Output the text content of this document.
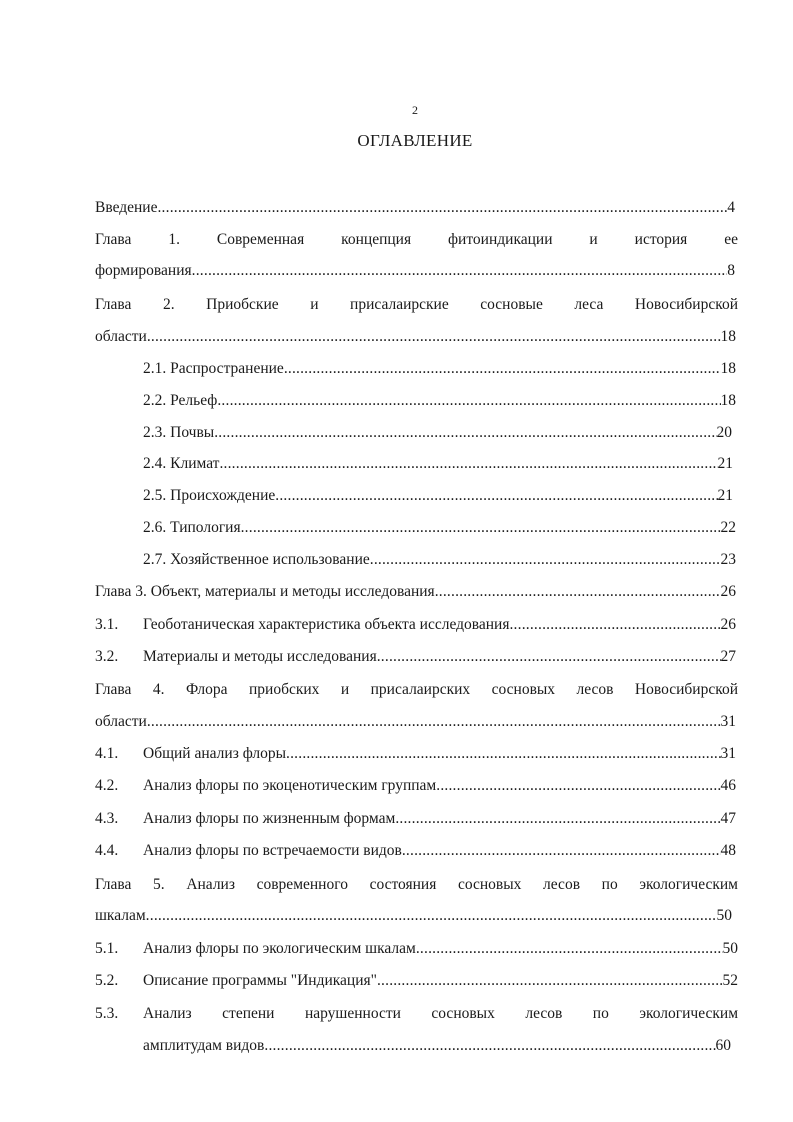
2
ОГЛАВЛЕНИЕ
Введение .....	4
Глава 1. Современная концепция фитоиндикации и история ее
формирования .....	8
Глава 2. Приобские и присалаирские сосновые леса Новосибирской
области .....	18
2.1. Распространение .....	18
2.2. Рельеф .....	18
2.3. Почвы .....	20
2.4. Климат .....	21
2.5. Происхождение .....	21
2.6. Типология .....	22
2.7. Хозяйственное использование .....	23
Глава 3. Объект, материалы и методы исследования .....	26
3.1.	Геоботаническая характеристика объекта исследования .....	26
3.2.	Материалы и методы исследования .....	27
Глава 4. Флора приобских и присалаирских сосновых лесов Новосибирской
области .....	31
4.1.	Общий анализ флоры .....	31
4.2.	Анализ флоры по экоценотическим группам .....	46
4.3.	Анализ флоры по жизненным формам .....	47
4.4.	Анализ флоры по встречаемости видов .....	48
Глава 5. Анализ современного состояния сосновых лесов по экологическим
шкалам .....	50
5.1.	Анализ флоры по экологическим шкалам .....	50
5.2.	Описание программы "Индикация" .....	52
5.3.	Анализ степени нарушенности сосновых лесов по экологическим
амплитудам видов .....	60
